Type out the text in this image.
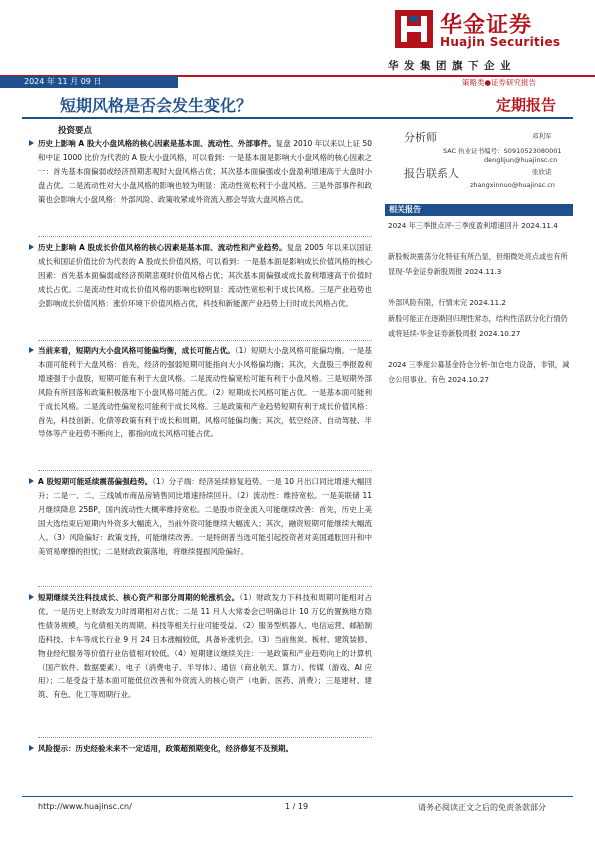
华金证券
Huajin Securities
华发集团旗下企业
2024 年 11 月 09 日	策略类●证券研究报告
短期风格是否会发生变化？	定期报告
投资要点
历史上影响 A 股大小盘风格的核心因素是基本面、流动性、外部事件。复盘 2010 年以来以上证 50 和中证 1000 比价为代表的 A 股大小盘风格，可以看到：一是基本面是影响大小盘风格的核心因素之一：首先基本面偏弱或经济预期悲观时大盘风格占优；其次基本面偏强或小盘盈利增速高于大盘时小盘占优。二是流动性对大小盘风格的影响也较为明显：流动性宽松利于小盘风格。三是外部事件和政策也会影响大小盘风格：外部风险、政策收紧或外资流入都会导致大盘风格占优。
历史上影响 A 股成长价值风格的核心因素是基本面、流动性和产业趋势。复盘 2005 年以来以国证成长和国证价值比价为代表的 A 股成长价值风格，可以看到：一是基本面是影响成长价值风格的核心因素：首先基本面偏弱或经济预期悲观时价值风格占优；其次基本面偏强或成长盈利增速高于价值时成长占优。二是流动性对成长价值风格的影响也较明显：流动性宽松利于成长风格。三是产业趋势也会影响成长价值风格：涨价环境下价值风格占优，科技和新能源产业趋势上行时成长风格占优。
当前来看，短期内大小盘风格可能偏均衡，成长可能占优。（1）短期大小盘风格可能偏均衡。一是基本面可能利于大盘风格：首先，经济的强弱短期可能指向大小风格偏均衡；其次，大盘股三季报盈利增速强于小盘股，短期可能有利于大盘风格。二是流动性偏宽松可能有利于小盘风格。三是短期外部风险有所回落和政策积极落地下小盘风格可能占优。（2）短期成长风格可能占优。一是基本面可能利于成长风格。二是流动性偏宽松可能利于成长风格。三是政策和产业趋势短期有利于成长价值风格：首先，科技创新、化债等政策有利于成长和周期。风格可能偏均衡；其次，低空经济、自动驾驶、半导体等产业趋势不断向上，都指向成长风格可能占优。
A 股短期可能延续震荡偏强趋势。（1）分子端：经济延续修复趋势。一是 10 月出口同比增速大幅回升；二是一、二、三线城市商品房销售同比增速持续回升。（2）流动性：维持宽松。一是美联储 11 月继续降息 25BP，国内流动性大概率维持宽松。二是股市资金流入可能继续改善：首先，历史上美国大选结束后短期内外资多大幅流入，当前外资可能继续大幅流入；其次，融资短期可能继续大幅流入。（3）风险偏好：政策支持，可能继续改善。一是特朗普当选可能引起投资者对美国通胀回升和中美贸易摩擦的担忧；二是财政政策落地，将继续提振风险偏好。
短期继续关注科技成长、核心资产和部分周期的轮涨机会。（1）财政发力下科技和周期可能相对占优。一是历史上财政发力时周期相对占优；二是 11 月人大常委会已明确总计 10 万亿的置换地方隐性债务规模，与化债相关的周期、科技等相关行业可能受益。（2）服务型机器人、电信运营、邮船制造科技、卡车等成长行业 9 月 24 日本涨幅较低，具备补涨机会。（3）当前焦炭、板材、建筑装修、物业经纪服务等价值行业估值相对较低。（4）短期建议继续关注：一是政策和产业趋势向上的计算机（国产软件、数据要素）、电子（消费电子、半导体）、通信（商业航天、算力）、传媒（游戏、AI 应用）；二是受益于基本面可能低位改善和外资流入的核心资产（电新、医药、消费）；三是建材、建筑、有色、化工等周期行业。
风险提示：历史经验未来不一定适用，政策超预期变化，经济修复不及预期。
分析师	邓利军
SAC 执业证书编号：S0910523080001
denglijun@huajinsc.cn
报告联系人	张欣诺
zhangxinnuo@huajinsc.cn
相关报告
2024 年三季报点评-三季度盈利增速回升 2024.11.4
新股板块震荡分化特征有所凸显，但细微处亮点或也有所显现-华金证券新股周报 2024.11.3
外部风险有限，行情未完 2024.11.2
新股可能正在逐渐回归理性常态，结构性活跃分化行情仍或将延续-华金证券新股周报 2024.10.27
2024 三季度公募基金持仓分析-加仓电力设备，非银，减仓公用事业、有色 2024.10.27
http://www.huajinsc.cn/	1 / 19	请务必阅读正文之后的免责条款部分
